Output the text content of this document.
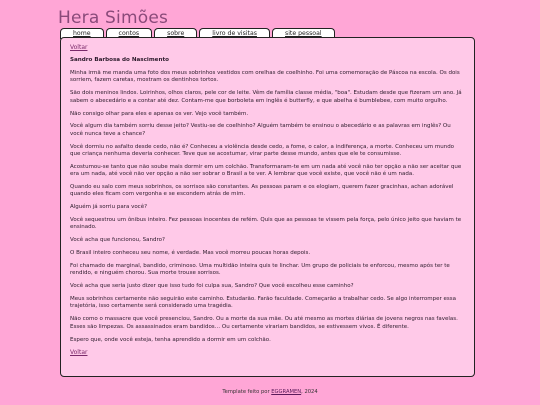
Hera Simões
home	contos	sobre	livro de visitas	site pessoal
Voltar

Sandro Barbosa do Nascimento

Minha irmã me manda uma foto dos meus sobrinhos vestidos com orelhas de coelhinho. Foi uma comemoração de Páscoa na escola. Os dois sorriem, fazem caretas, mostram os dentinhos tortos.

São dois meninos lindos. Loirinhos, olhos claros, pele cor de leite. Vêm de família classe média, "boa". Estudam desde que fizeram um ano. Já sabem o abecedário e a contar até dez. Contam-me que borboleta em inglês é butterfly, e que abelha é bumblebee, com muito orgulho.

Não consigo olhar para eles e apenas os ver. Vejo você também.

Você algum dia também sorriu desse jeito? Vestiu-se de coelhinho? Alguém também te ensinou o abecedário e as palavras em inglês? Ou você nunca teve a chance?

Você dormiu no asfalto desde cedo, não é? Conheceu a violência desde cedo, a fome, o calor, a indiferença, a morte. Conheceu um mundo que criança nenhuma deveria conhecer. Teve que se acostumar, virar parte desse mundo, antes que ele te consumisse.

Acostumou-se tanto que não soube mais dormir em um colchão. Transformaram-te em um nada até você não ter opção a não ser aceitar que era um nada, até você não ver opção a não ser sobrar o Brasil a te ver. A lembrar que você existe, que você não é um nada.

Quando eu salo com meus sobrinhos, os sorrisos são constantes. As pessoas param e os elogiam, querem fazer gracinhas, achan adorável quando eles ficam com vergonha e se escondem atrás de mim.

Alguém já sorriu para você?

Você sequestrou um ônibus inteiro. Fez pessoas inocentes de refém. Quis que as pessoas te vissem pela força, pelo único jeito que haviam te ensinado.

Você acha que funcionou, Sandro?

O Brasil inteiro conheceu seu nome, é verdade. Mas você morreu poucas horas depois.

Foi chamado de marginal, bandido, criminoso. Uma multidão inteira quis te linchar. Um grupo de policiais te enforcou, mesmo após ter te rendido, e ninguém chorou. Sua morte trouxe sorrisos.

Você acha que seria justo dizer que isso tudo foi culpa sua, Sandro? Que você escolheu esse caminho?

Meus sobrinhos certamente não seguirão este caminho. Estudarão. Farão faculdade. Começarão a trabalhar cedo. Se algo interromper essa trajetória, isso certamente será considerado uma tragédia.

Não como o massacre que você presenciou, Sandro. Ou a morte da sua mãe. Ou até mesmo as mortes diárias de jovens negros nas favelas. Esses são limpezas. Os assassinados eram bandidos… Ou certamente virariam bandidos, se estivessem vivos. É diferente.

Espero que, onde você esteja, tenha aprendido a dormir em um colchão.

Voltar
Template feito por EGGRAMEN, 2024
